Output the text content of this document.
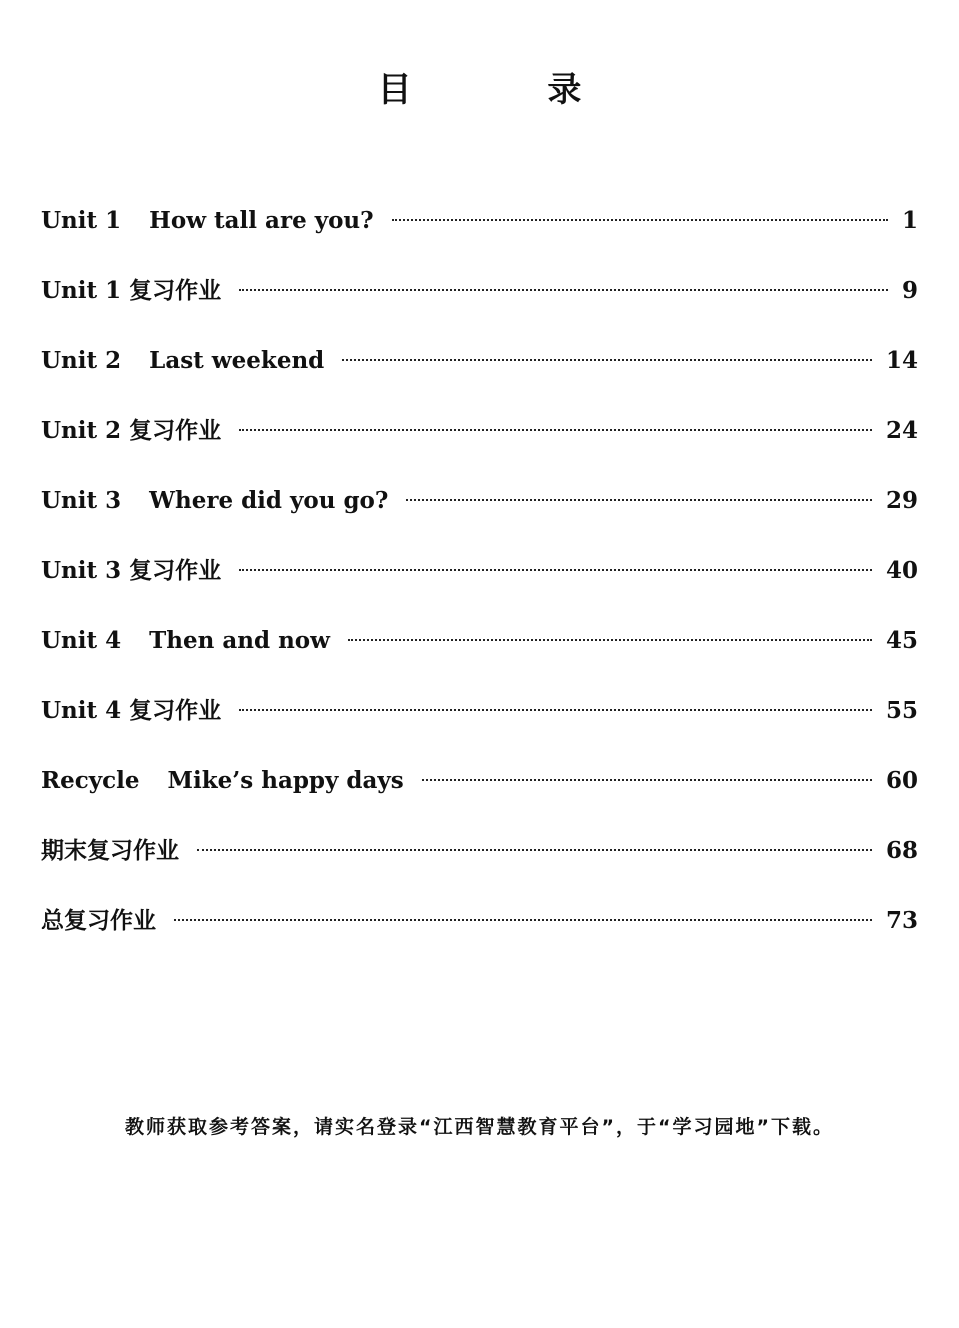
目 录
Unit 1 How tall are you?	1
Unit 1 复习作业	9
Unit 2 Last weekend	14
Unit 2 复习作业	24
Unit 3 Where did you go?	29
Unit 3 复习作业	40
Unit 4 Then and now	45
Unit 4 复习作业	55
Recycle Mike’s happy days	60
期末复习作业	68
总复习作业	73
教师获取参考答案，请实名登录“江西智慧教育平台”，于“学习园地”下载。
